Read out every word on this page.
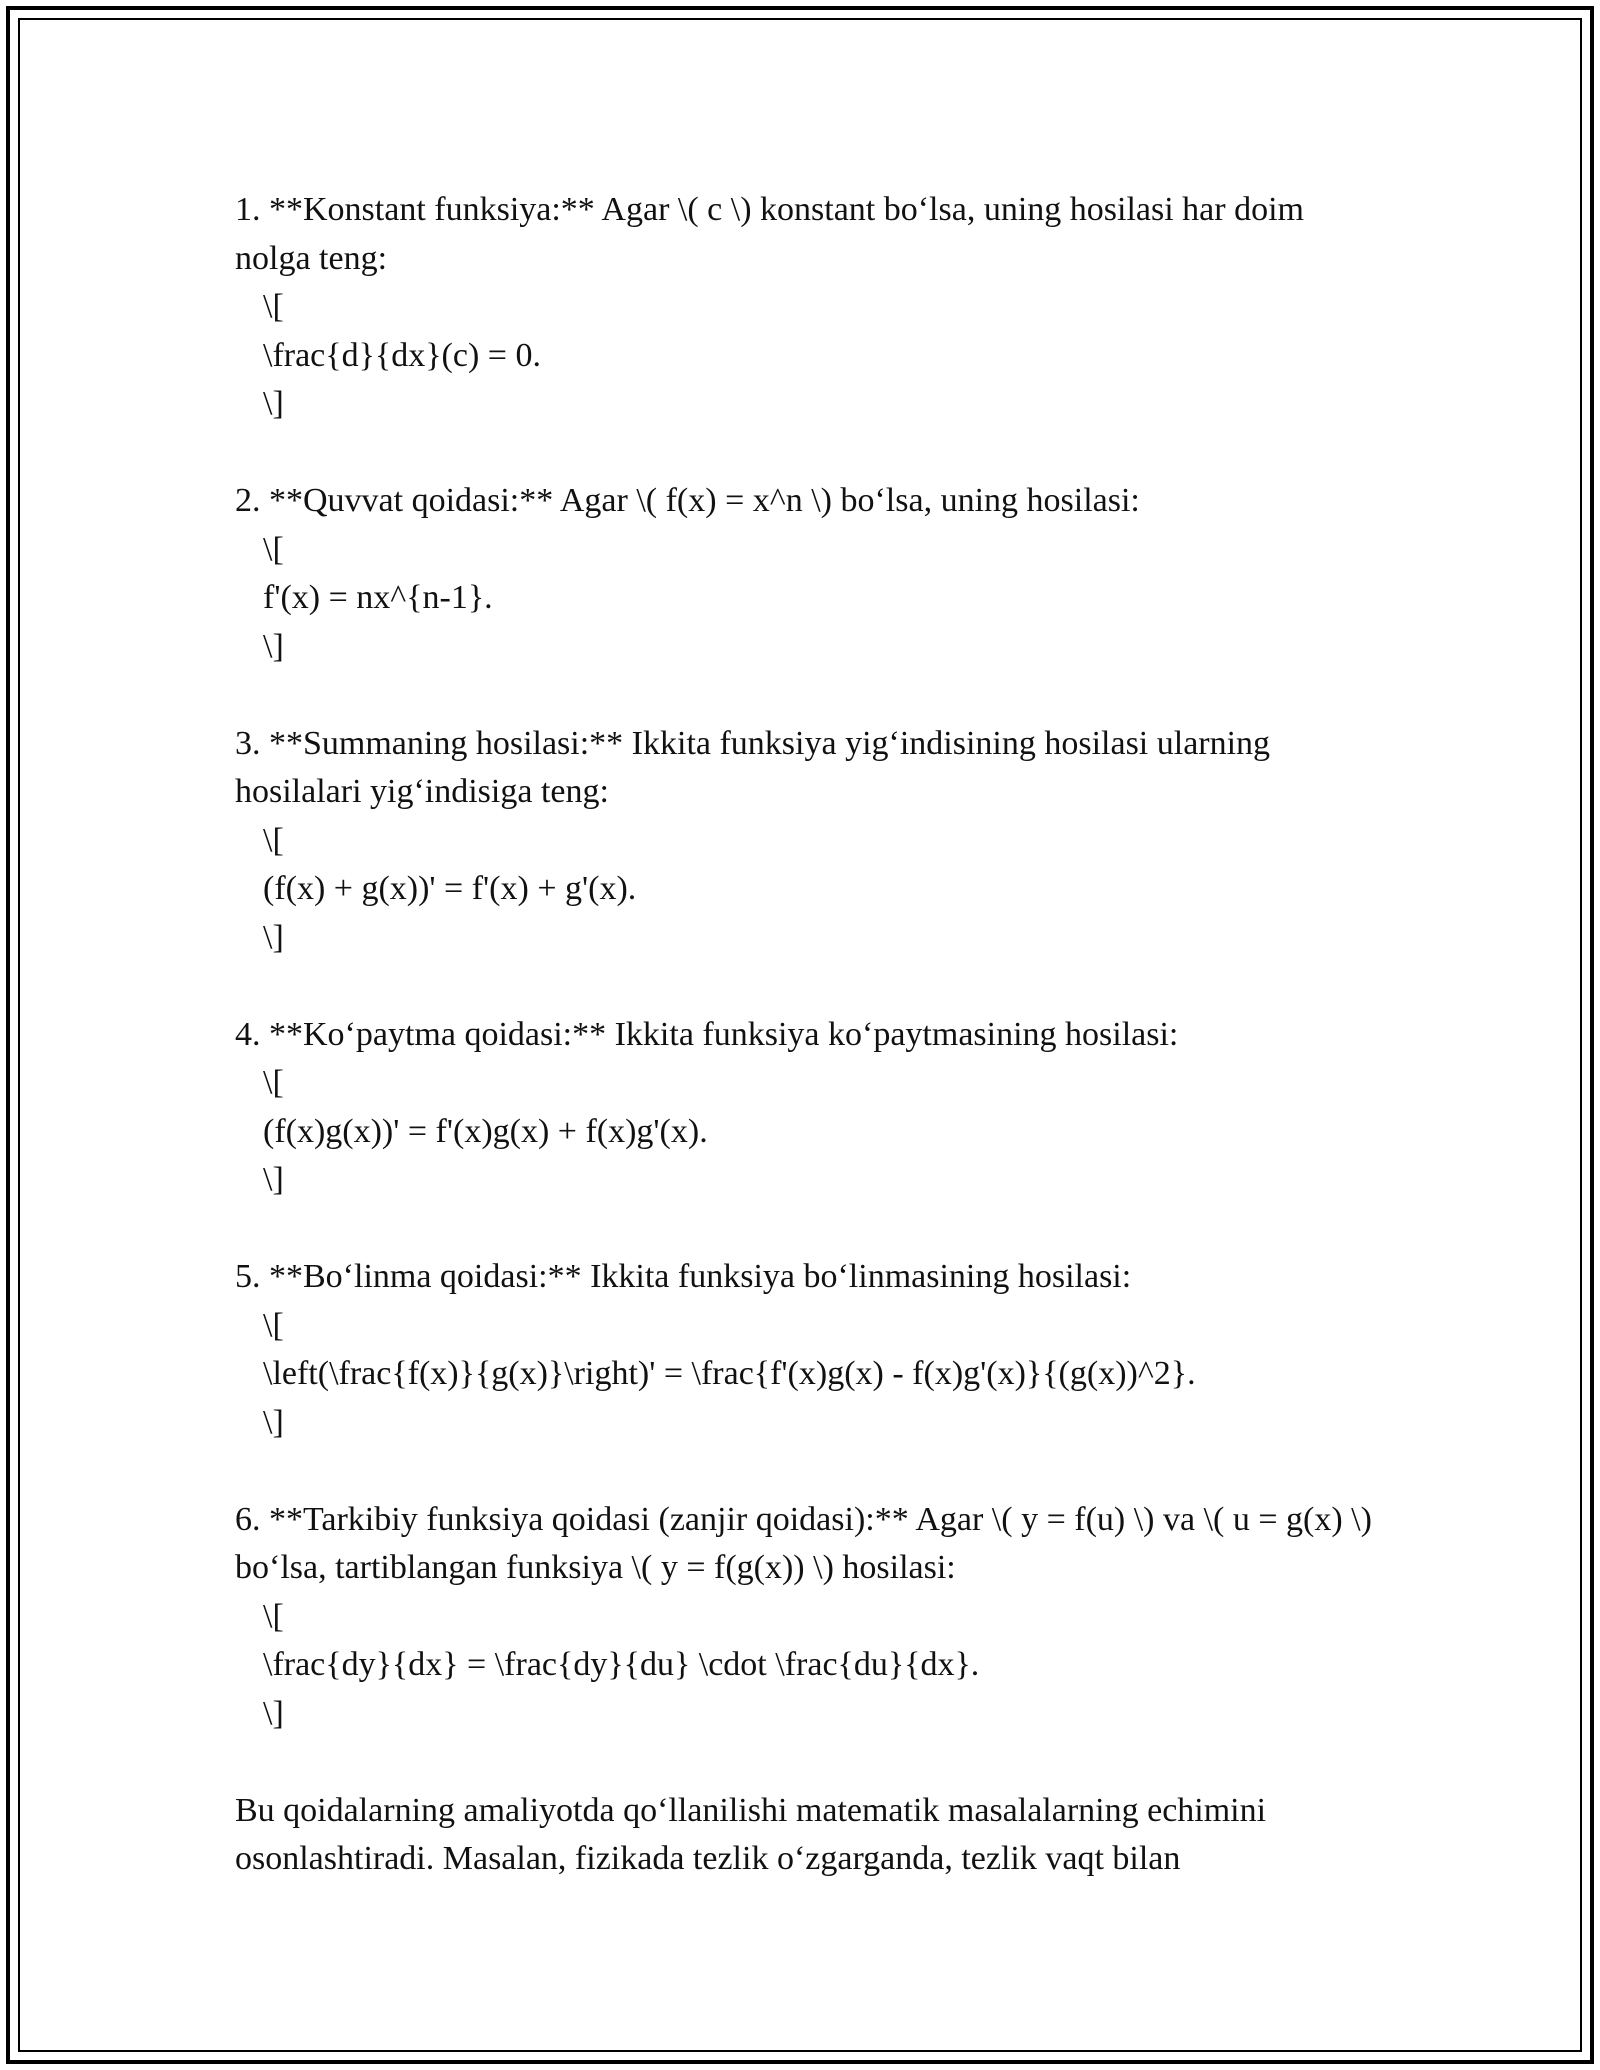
1. **Konstant funksiya:** Agar \( c \) konstant bo‘lsa, uning hosilasi har doim nolga teng:

\[
\frac{d}{dx}(c) = 0.
\]

2. **Quvvat qoidasi:** Agar \( f(x) = x^n \) bo‘lsa, uning hosilasi:

\[
f'(x) = nx^{n-1}.
\]

3. **Summaning hosilasi:** Ikkita funksiya yig‘indisining hosilasi ularning hosilalari yig‘indisiga teng:

\[
(f(x) + g(x))' = f'(x) + g'(x).
\]

4. **Ko‘paytma qoidasi:** Ikkita funksiya ko‘paytmasining hosilasi:

\[
(f(x)g(x))' = f'(x)g(x) + f(x)g'(x).
\]

5. **Bo‘linma qoidasi:** Ikkita funksiya bo‘linmasining hosilasi:

\[
\left(\frac{f(x)}{g(x)}\right)' = \frac{f'(x)g(x) - f(x)g'(x)}{(g(x))^2}.
\]

6. **Tarkibiy funksiya qoidasi (zanjir qoidasi):** Agar \( y = f(u) \) va \( u = g(x) \) bo‘lsa, tartiblangan funksiya \( y = f(g(x)) \) hosilasi:

\[
\frac{dy}{dx} = \frac{dy}{du} \cdot \frac{du}{dx}.
\]

Bu qoidalarning amaliyotda qo‘llanilishi matematik masalalarning echimini osonlashtiradi. Masalan, fizikada tezlik o‘zgarganda, tezlik vaqt bilan
